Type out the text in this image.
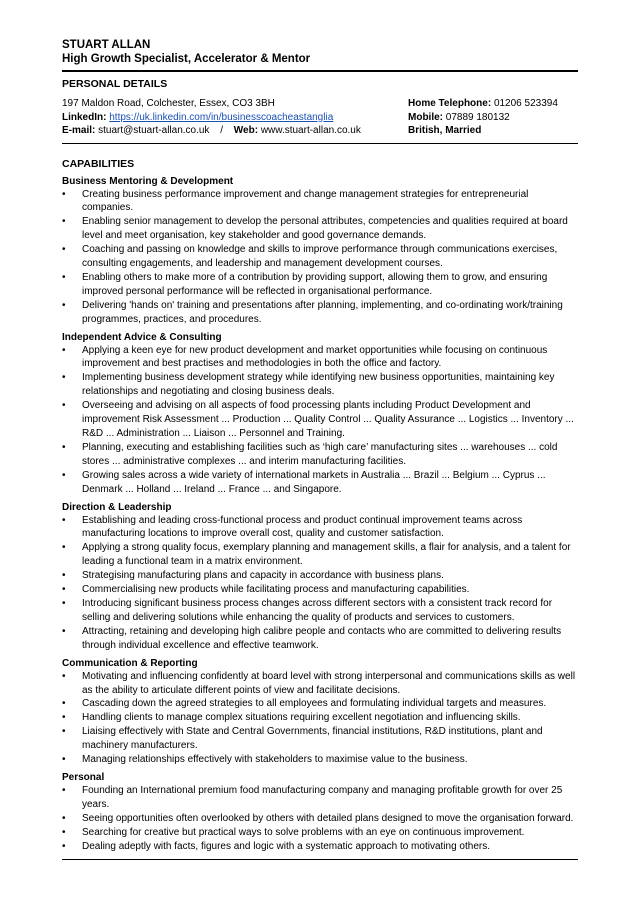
STUART ALLAN
High Growth Specialist, Accelerator & Mentor
PERSONAL DETAILS
197 Maldon Road, Colchester, Essex, CO3 3BH
LinkedIn: https://uk.linkedin.com/in/businesscoacheastanglia
E-mail: stuart@stuart-allan.co.uk / Web: www.stuart-allan.co.uk
Home Telephone: 01206 523394
Mobile: 07889 180132
British, Married
CAPABILITIES
Business Mentoring & Development
• Creating business performance improvement and change management strategies for entrepreneurial companies.
• Enabling senior management to develop the personal attributes, competencies and qualities required at board level and meet organisation, key stakeholder and good governance demands.
• Coaching and passing on knowledge and skills to improve performance through communications exercises, consulting engagements, and leadership and management development courses.
• Enabling others to make more of a contribution by providing support, allowing them to grow, and ensuring improved personal performance will be reflected in organisational performance.
• Delivering 'hands on' training and presentations after planning, implementing, and co-ordinating work/training programmes, practices, and procedures.
Independent Advice & Consulting
• Applying a keen eye for new product development and market opportunities while focusing on continuous improvement and best practises and methodologies in both the office and factory.
• Implementing business development strategy while identifying new business opportunities, maintaining key relationships and negotiating and closing business deals.
• Overseeing and advising on all aspects of food processing plants including Product Development and improvement Risk Assessment ... Production ... Quality Control ... Quality Assurance ... Logistics ... Inventory ... R&D ... Administration ... Liaison ... Personnel and Training.
• Planning, executing and establishing facilities such as ‘high care’ manufacturing sites ... warehouses ... cold stores ... administrative complexes ... and interim manufacturing facilities.
• Growing sales across a wide variety of international markets in Australia ... Brazil ... Belgium ... Cyprus ... Denmark ... Holland ... Ireland ... France ... and Singapore.
Direction & Leadership
• Establishing and leading cross-functional process and product continual improvement teams across manufacturing locations to improve overall cost, quality and customer satisfaction.
• Applying a strong quality focus, exemplary planning and management skills, a flair for analysis, and a talent for leading a functional team in a matrix environment.
• Strategising manufacturing plans and capacity in accordance with business plans.
• Commercialising new products while facilitating process and manufacturing capabilities.
• Introducing significant business process changes across different sectors with a consistent track record for selling and delivering solutions while enhancing the quality of products and services to customers.
• Attracting, retaining and developing high calibre people and contacts who are committed to delivering results through individual excellence and effective teamwork.
Communication & Reporting
• Motivating and influencing confidently at board level with strong interpersonal and communications skills as well as the ability to articulate different points of view and facilitate decisions.
• Cascading down the agreed strategies to all employees and formulating individual targets and measures.
• Handling clients to manage complex situations requiring excellent negotiation and influencing skills.
• Liaising effectively with State and Central Governments, financial institutions, R&D institutions, plant and machinery manufacturers.
• Managing relationships effectively with stakeholders to maximise value to the business.
Personal
• Founding an International premium food manufacturing company and managing profitable growth for over 25 years.
• Seeing opportunities often overlooked by others with detailed plans designed to move the organisation forward.
• Searching for creative but practical ways to solve problems with an eye on continuous improvement.
• Dealing adeptly with facts, figures and logic with a systematic approach to motivating others.
